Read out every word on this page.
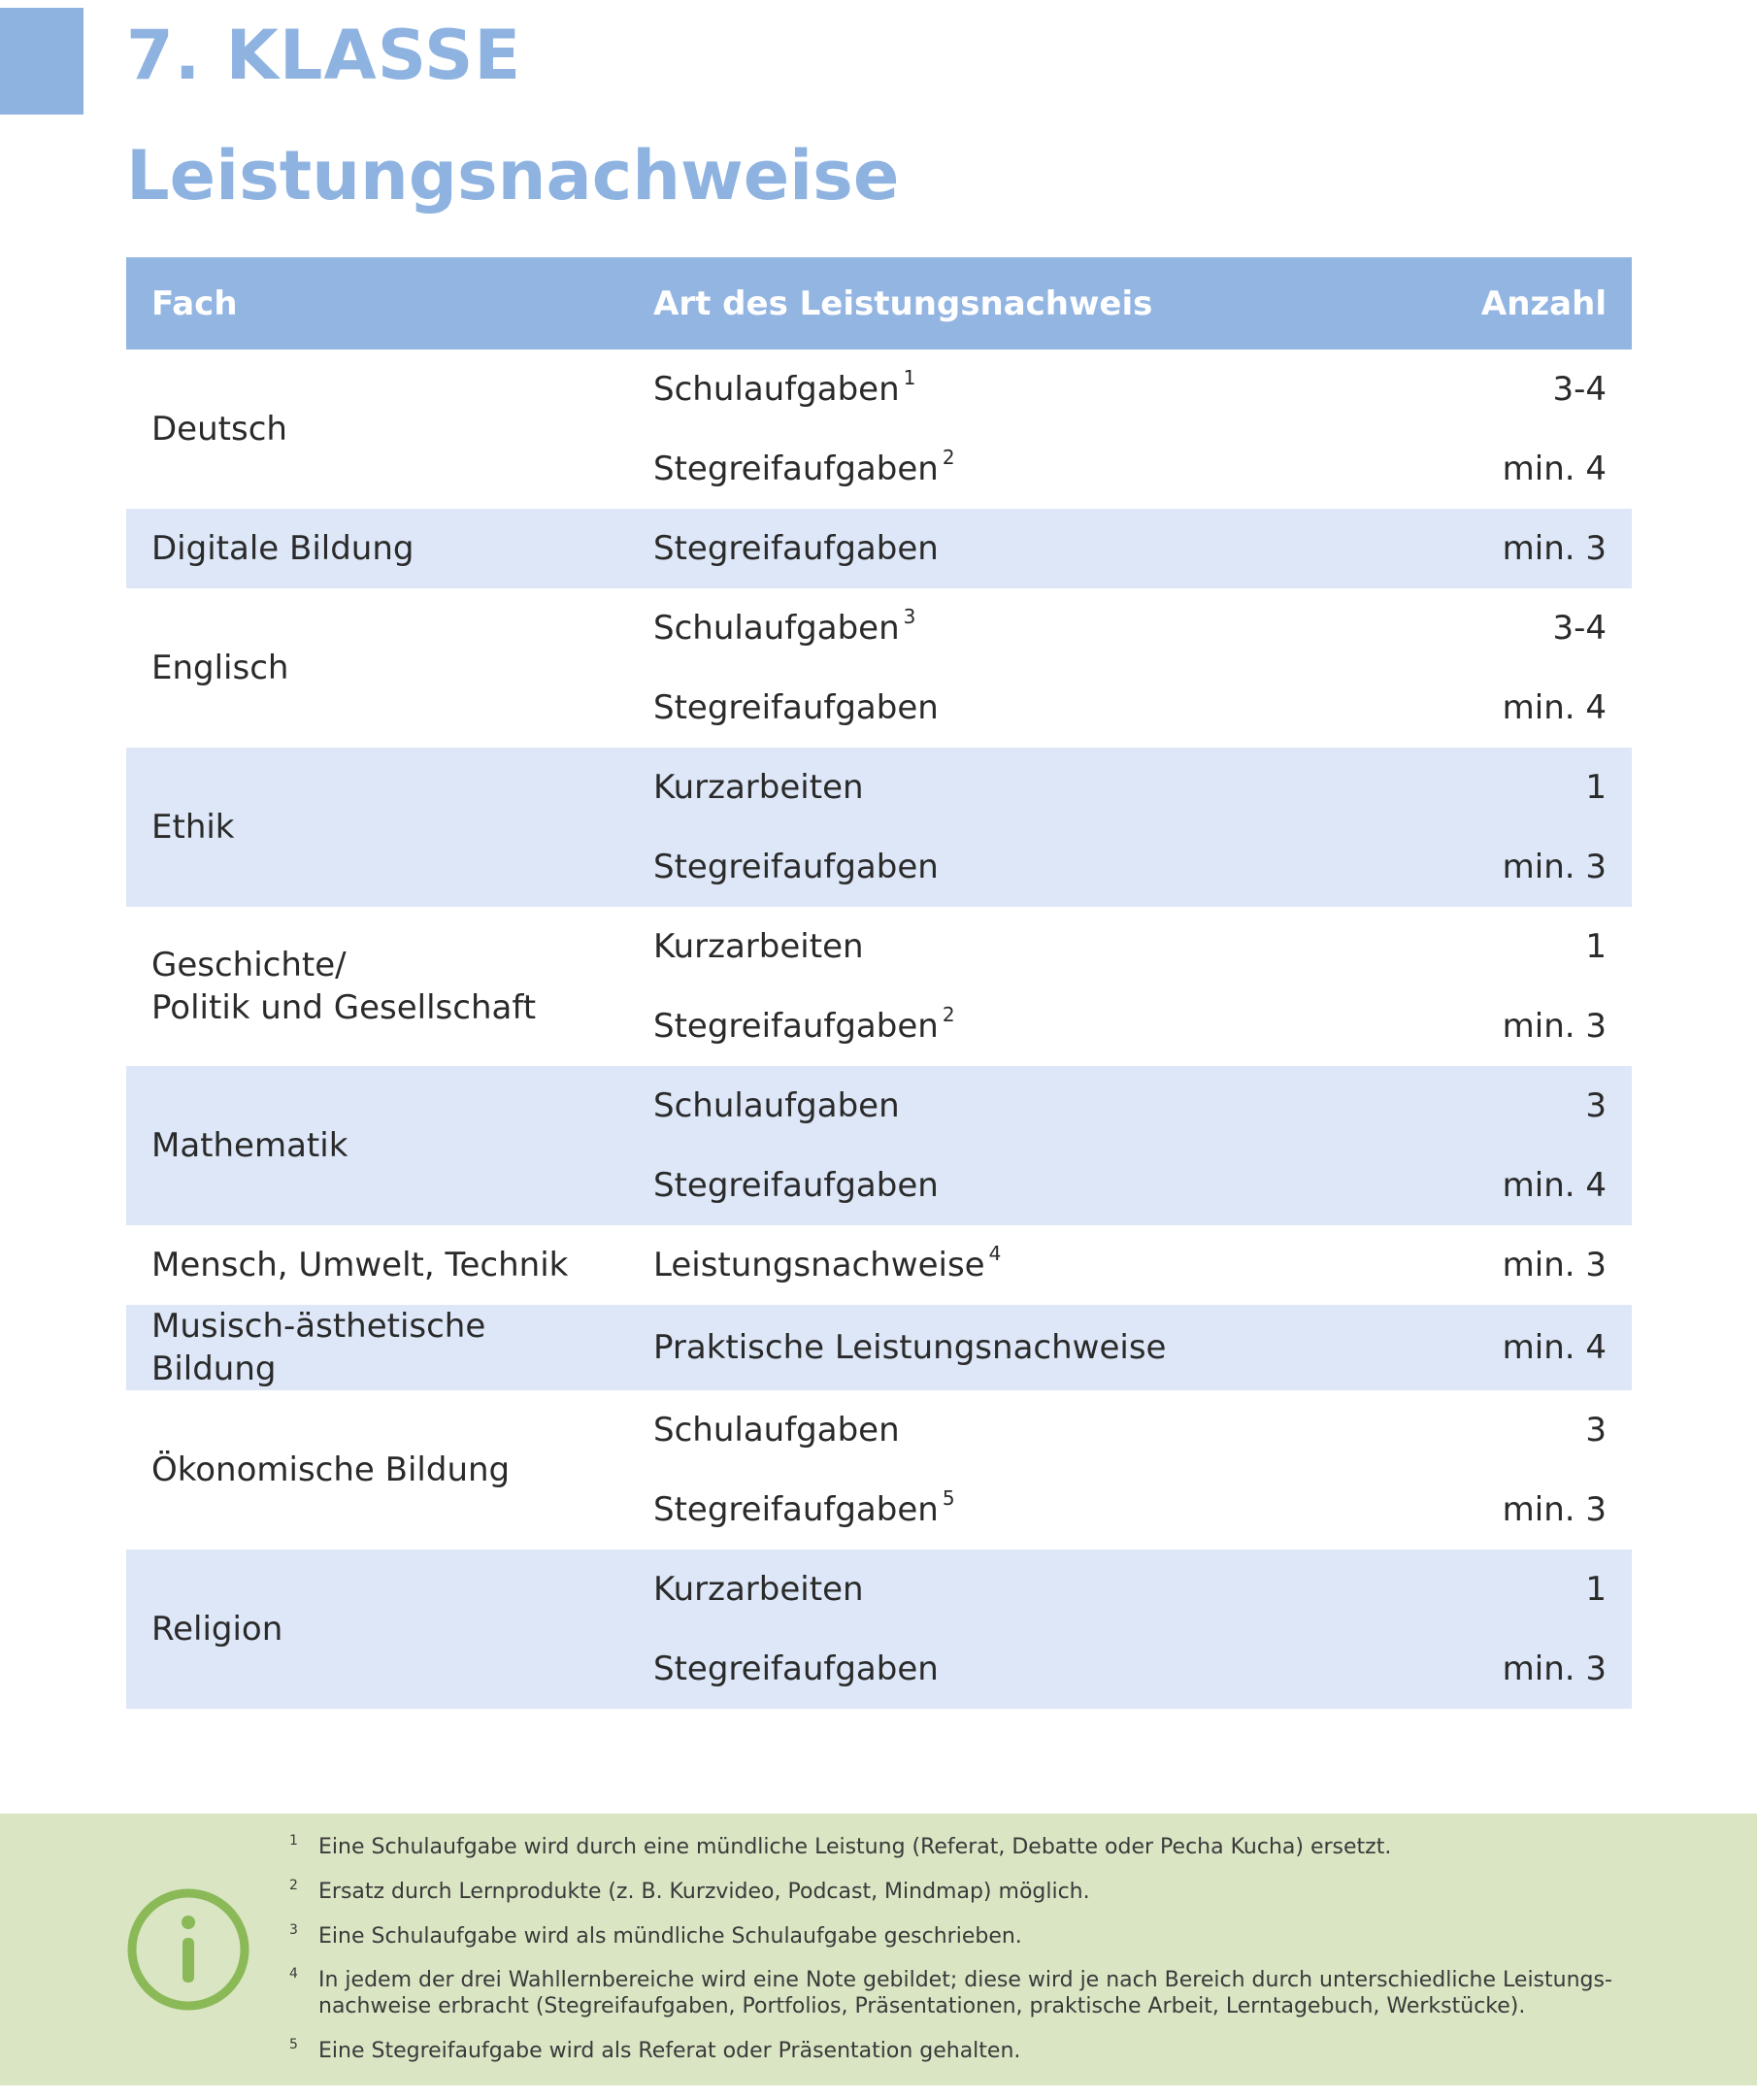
7. KLASSE
Leistungsnachweise
Fach	Art des Leistungsnachweis	Anzahl
Deutsch	Schulaufgaben $^1$	3-4
	Stegreifaufgaben $^2$	min. 4
Digitale Bildung	Stegreifaufgaben	min. 3
Englisch	Schulaufgaben $^3$	3-4
	Stegreifaufgaben	min. 4
Ethik	Kurzarbeiten	1
	Stegreifaufgaben	min. 3
Geschichte/
Politik und Gesellschaft	Kurzarbeiten	1
	Stegreifaufgaben $^2$	min. 3
Mathematik	Schulaufgaben	3
	Stegreifaufgaben	min. 4
Mensch, Umwelt, Technik	Leistungsnachweise $^4$	min. 3
Musisch-ästhetische
Bildung	Praktische Leistungsnachweise	min. 4
Ökonomische Bildung	Schulaufgaben	3
	Stegreifaufgaben $^5$	min. 3
Religion	Kurzarbeiten	1
	Stegreifaufgaben	min. 3
1 Eine Schulaufgabe wird durch eine mündliche Leistung (Referat, Debatte oder Pecha Kucha) ersetzt.
2 Ersatz durch Lernprodukte (z. B. Kurzvideo, Podcast, Mindmap) möglich.
3 Eine Schulaufgabe wird als mündliche Schulaufgabe geschrieben.
4 In jedem der drei Wahllernbereiche wird eine Note gebildet; diese wird je nach Bereich durch unterschiedliche Leistungs-
nachweise erbracht (Stegreifaufgaben, Portfolios, Präsentationen, praktische Arbeit, Lerntagebuch, Werkstücke).
5 Eine Stegreifaufgabe wird als Referat oder Präsentation gehalten.
